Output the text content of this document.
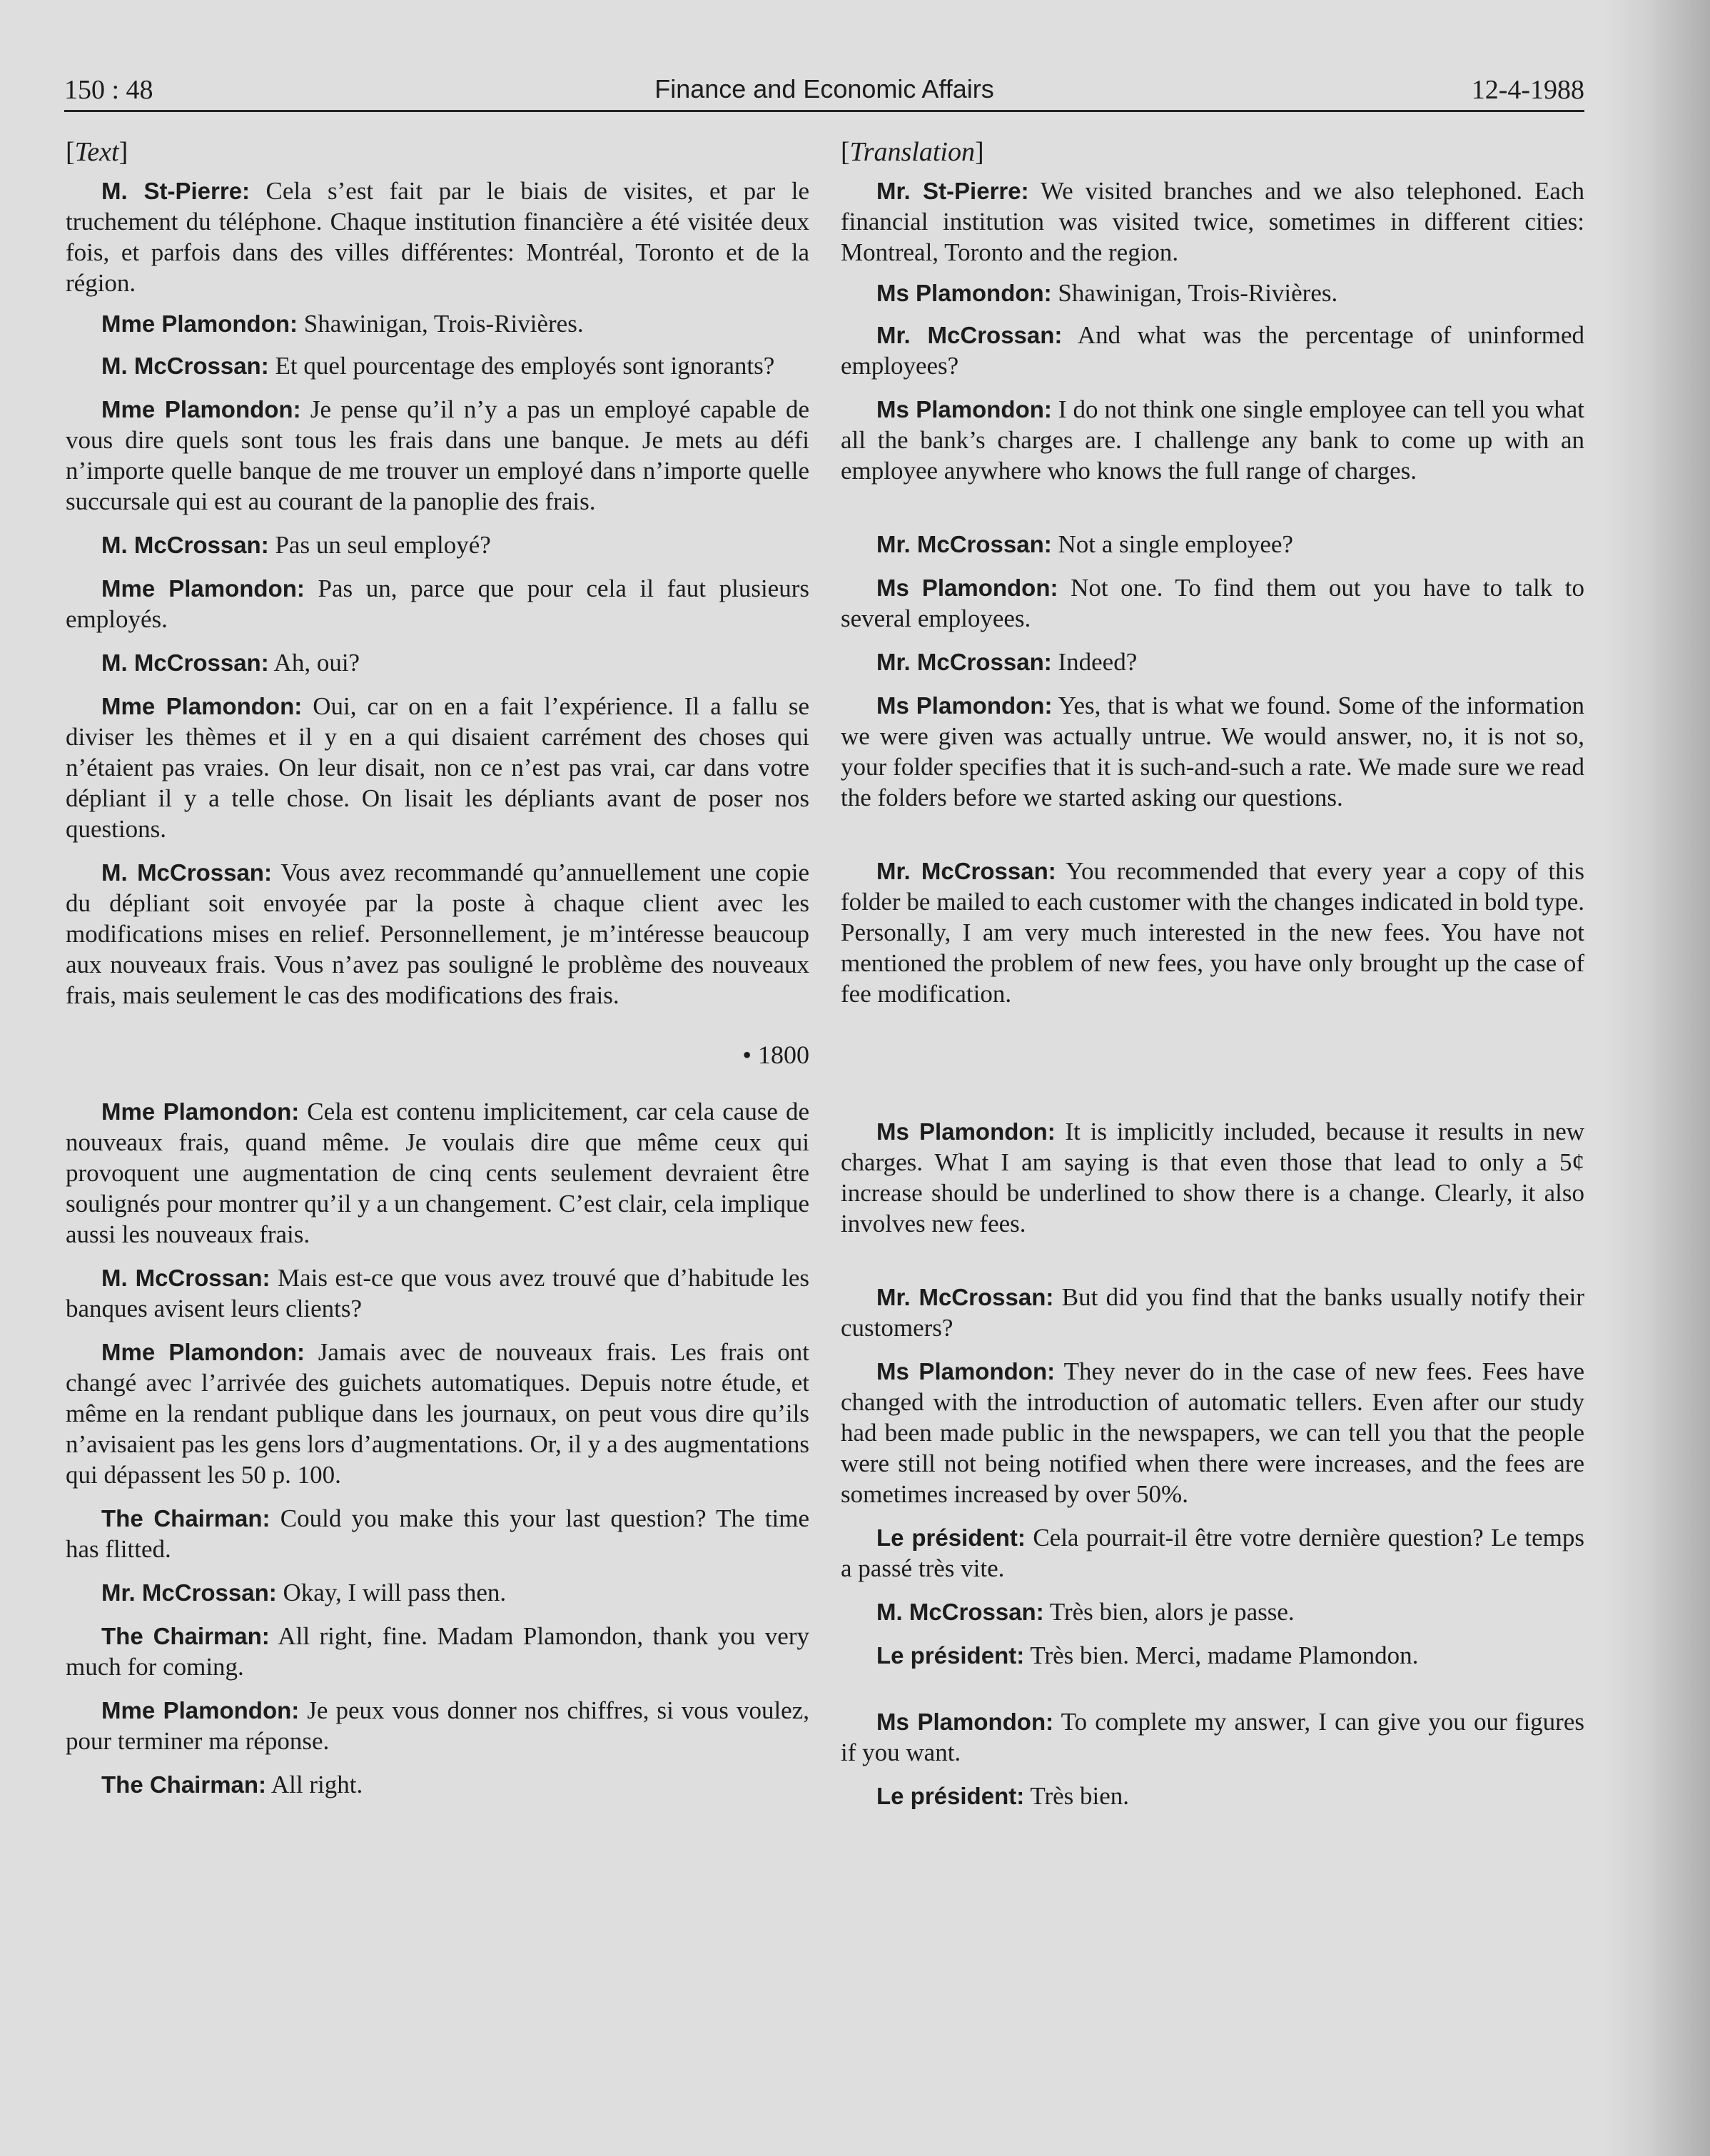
150 : 48	Finance and Economic Affairs	12-4-1988
[Text]

M. St-Pierre: Cela s’est fait par le biais de visites, et par le truchement du téléphone. Chaque institution financière a été visitée deux fois, et parfois dans des villes différentes: Montréal, Toronto et de la région.

Mme Plamondon: Shawinigan, Trois-Rivières.

M. McCrossan: Et quel pourcentage des employés sont ignorants?

Mme Plamondon: Je pense qu’il n’y a pas un employé capable de vous dire quels sont tous les frais dans une banque. Je mets au défi n’importe quelle banque de me trouver un employé dans n’importe quelle succursale qui est au courant de la panoplie des frais.

M. McCrossan: Pas un seul employé?

Mme Plamondon: Pas un, parce que pour cela il faut plusieurs employés.

M. McCrossan: Ah, oui?

Mme Plamondon: Oui, car on en a fait l’expérience. Il a fallu se diviser les thèmes et il y en a qui disaient carrément des choses qui n’étaient pas vraies. On leur disait, non ce n’est pas vrai, car dans votre dépliant il y a telle chose. On lisait les dépliants avant de poser nos questions.

M. McCrossan: Vous avez recommandé qu’annuellement une copie du dépliant soit envoyée par la poste à chaque client avec les modifications mises en relief. Personnellement, je m’intéresse beaucoup aux nouveaux frais. Vous n’avez pas souligné le problème des nouveaux frais, mais seulement le cas des modifications des frais.

• 1800

Mme Plamondon: Cela est contenu implicitement, car cela cause de nouveaux frais, quand même. Je voulais dire que même ceux qui provoquent une augmentation de cinq cents seulement devraient être soulignés pour montrer qu’il y a un changement. C’est clair, cela implique aussi les nouveaux frais.

M. McCrossan: Mais est-ce que vous avez trouvé que d’habitude les banques avisent leurs clients?

Mme Plamondon: Jamais avec de nouveaux frais. Les frais ont changé avec l’arrivée des guichets automatiques. Depuis notre étude, et même en la rendant publique dans les journaux, on peut vous dire qu’ils n’avisaient pas les gens lors d’augmentations. Or, il y a des augmentations qui dépassent les 50 p. 100.

The Chairman: Could you make this your last question? The time has flitted.

Mr. McCrossan: Okay, I will pass then.

The Chairman: All right, fine. Madam Plamondon, thank you very much for coming.

Mme Plamondon: Je peux vous donner nos chiffres, si vous voulez, pour terminer ma réponse.

The Chairman: All right.

[Translation]

Mr. St-Pierre: We visited branches and we also telephoned. Each financial institution was visited twice, sometimes in different cities: Montreal, Toronto and the region.

Ms Plamondon: Shawinigan, Trois-Rivières.

Mr. McCrossan: And what was the percentage of uninformed employees?

Ms Plamondon: I do not think one single employee can tell you what all the bank’s charges are. I challenge any bank to come up with an employee anywhere who knows the full range of charges.

Mr. McCrossan: Not a single employee?

Ms Plamondon: Not one. To find them out you have to talk to several employees.

Mr. McCrossan: Indeed?

Ms Plamondon: Yes, that is what we found. Some of the information we were given was actually untrue. We would answer, no, it is not so, your folder specifies that it is such-and-such a rate. We made sure we read the folders before we started asking our questions.

Mr. McCrossan: You recommended that every year a copy of this folder be mailed to each customer with the changes indicated in bold type. Personally, I am very much interested in the new fees. You have not mentioned the problem of new fees, you have only brought up the case of fee modification.

Ms Plamondon: It is implicitly included, because it results in new charges. What I am saying is that even those that lead to only a 5¢ increase should be underlined to show there is a change. Clearly, it also involves new fees.

Mr. McCrossan: But did you find that the banks usually notify their customers?

Ms Plamondon: They never do in the case of new fees. Fees have changed with the introduction of automatic tellers. Even after our study had been made public in the newspapers, we can tell you that the people were still not being notified when there were increases, and the fees are sometimes increased by over 50%.

Le président: Cela pourrait-il être votre dernière question? Le temps a passé très vite.

M. McCrossan: Très bien, alors je passe.

Le président: Très bien. Merci, madame Plamondon.

Ms Plamondon: To complete my answer, I can give you our figures if you want.

Le président: Très bien.
